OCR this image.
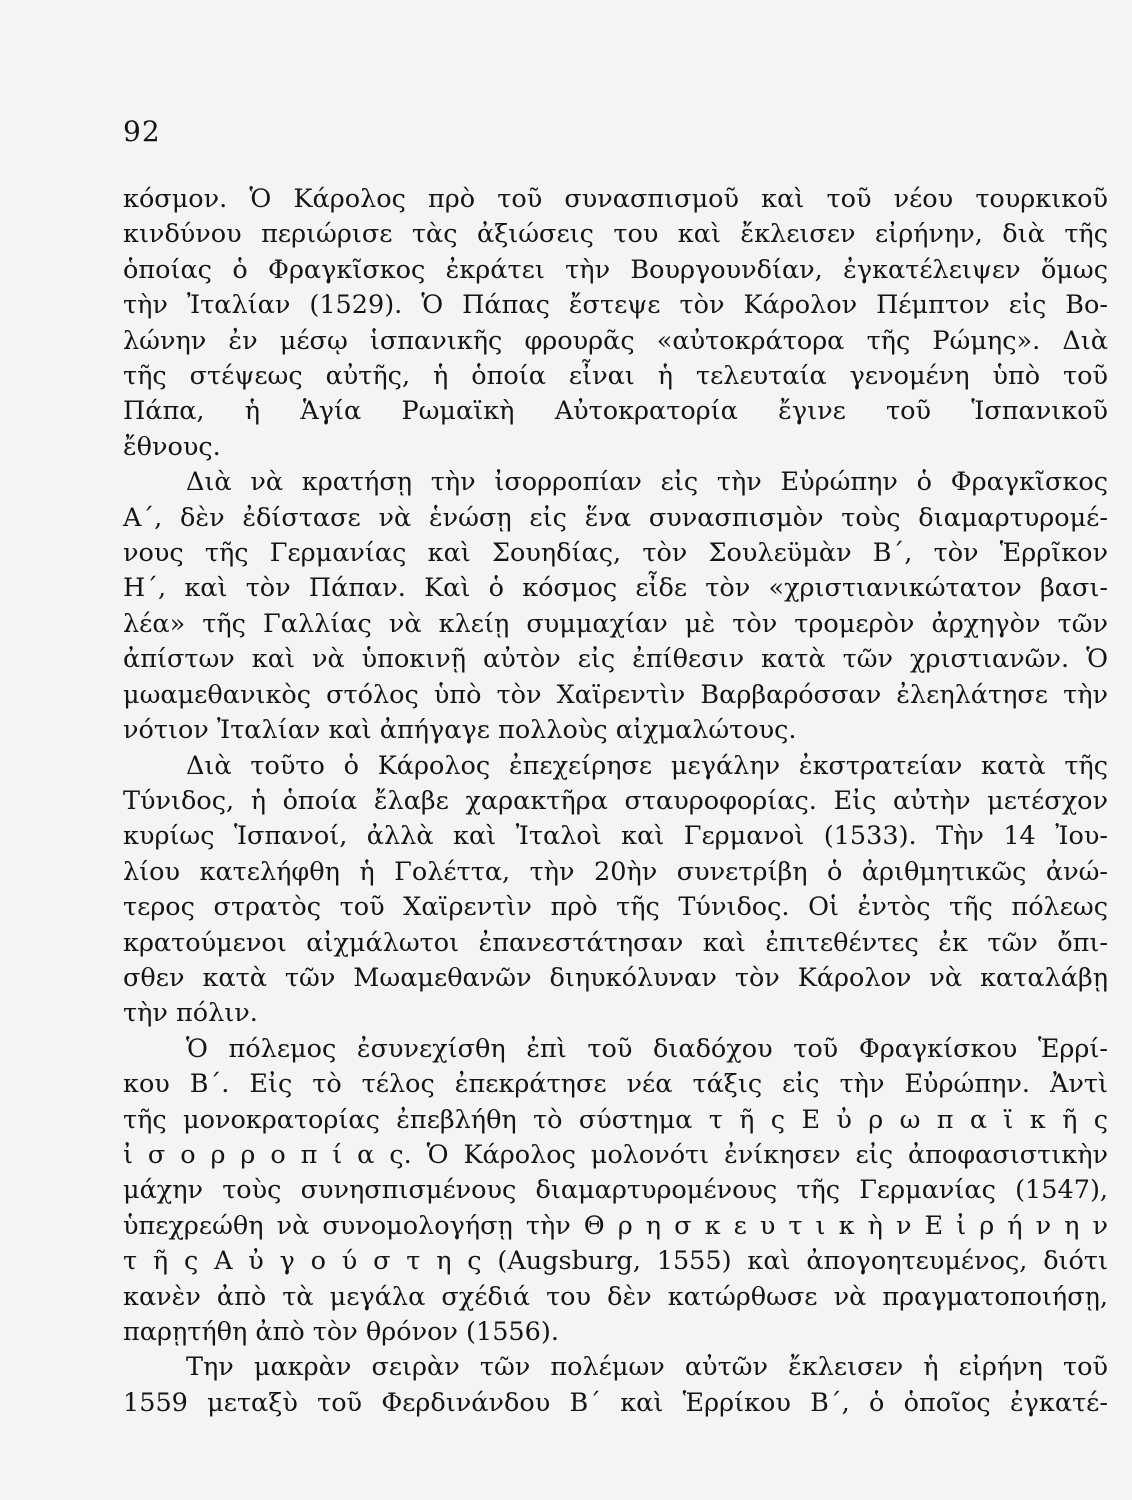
92
κόσμον. Ὁ Κάρολος πρὸ τοῦ συνασπισμοῦ καὶ τοῦ νέου τουρκικοῦ
κινδύνου περιώρισε τὰς ἀξιώσεις του καὶ ἔκλεισεν εἰρήνην, διὰ τῆς
ὁποίας ὁ Φραγκῖσκος ἐκράτει τὴν Βουργουνδίαν, ἐγκατέλειψεν ὅμως
τὴν Ἰταλίαν (1529). Ὁ Πάπας ἔστεψε τὸν Κάρολον Πέμπτον εἰς Βο-
λώνην ἐν μέσῳ ἱσπανικῆς φρουρᾶς «αὐτοκράτορα τῆς Ρώμης». Διὰ
τῆς στέψεως αὐτῆς, ἡ ὁποία εἶναι ἡ τελευταία γενομένη ὑπὸ τοῦ
Πάπα, ἡ Ἁγία Ρωμαϊκὴ Αὐτοκρατορία ἔγινε τοῦ Ἱσπανικοῦ
ἔθνους.
Διὰ νὰ κρατήσῃ τὴν ἰσορροπίαν εἰς τὴν Εὐρώπην ὁ Φραγκῖσκος
Α΄, δὲν ἐδίστασε νὰ ἑνώσῃ εἰς ἕνα συνασπισμὸν τοὺς διαμαρτυρομέ-
νους τῆς Γερμανίας καὶ Σουηδίας, τὸν Σουλεϋμὰν Β΄, τὸν Ἑρρῖκον
Η΄, καὶ τὸν Πάπαν. Καὶ ὁ κόσμος εἶδε τὸν «χριστιανικώτατον βασι-
λέα» τῆς Γαλλίας νὰ κλείῃ συμμαχίαν μὲ τὸν τρομερὸν ἀρχηγὸν τῶν
ἀπίστων καὶ νὰ ὑποκινῇ αὐτὸν εἰς ἐπίθεσιν κατὰ τῶν χριστιανῶν. Ὁ
μωαμεθανικὸς στόλος ὑπὸ τὸν Χαϊρεντὶν Βαρβαρόσσαν ἐλεηλάτησε τὴν
νότιον Ἰταλίαν καὶ ἀπήγαγε πολλοὺς αἰχμαλώτους.
Διὰ τοῦτο ὁ Κάρολος ἐπεχείρησε μεγάλην ἐκστρατείαν κατὰ τῆς
Τύνιδος, ἡ ὁποία ἔλαβε χαρακτῆρα σταυροφορίας. Εἰς αὐτὴν μετέσχον
κυρίως Ἱσπανοί, ἀλλὰ καὶ Ἰταλοὶ καὶ Γερμανοὶ (1533). Τὴν 14 Ἰου-
λίου κατελήφθη ἡ Γολέττα, τὴν 20ὴν συνετρίβη ὁ ἀριθμητικῶς ἀνώ-
τερος στρατὸς τοῦ Χαϊρεντὶν πρὸ τῆς Τύνιδος. Οἱ ἐντὸς τῆς πόλεως
κρατούμενοι αἰχμάλωτοι ἐπανεστάτησαν καὶ ἐπιτεθέντες ἐκ τῶν ὄπι-
σθεν κατὰ τῶν Μωαμεθανῶν διηυκόλυναν τὸν Κάρολον νὰ καταλάβῃ
τὴν πόλιν.
Ὁ πόλεμος ἐσυνεχίσθη ἐπὶ τοῦ διαδόχου τοῦ Φραγκίσκου Ἑρρί-
κου Β΄. Εἰς τὸ τέλος ἐπεκράτησε νέα τάξις εἰς τὴν Εὐρώπην. Ἀντὶ
τῆς μονοκρατορίας ἐπεβλήθη τὸ σύστημα τ ῆ ς Ε ὐ ρ ω π α ϊ κ ῆ ς
ἰ σ ο ρ ρ ο π ί α ς. Ὁ Κάρολος μολονότι ἐνίκησεν εἰς ἀποφασιστικὴν
μάχην τοὺς συνησπισμένους διαμαρτυρομένους τῆς Γερμανίας (1547),
ὑπεχρεώθη νὰ συνομολογήσῃ τὴν Θ ρ η σ κ ε υ τ ι κ ὴ ν Ε ἰ ρ ή ν η ν
τ ῆ ς Α ὐ γ ο ύ σ τ η ς (Augsburg, 1555) καὶ ἀπογοητευμένος, διότι
κανὲν ἀπὸ τὰ μεγάλα σχέδιά του δὲν κατώρθωσε νὰ πραγματοποιήσῃ,
παρῃτήθη ἀπὸ τὸν θρόνον (1556).
Την μακρὰν σειρὰν τῶν πολέμων αὐτῶν ἔκλεισεν ἡ εἰρήνη τοῦ
1559 μεταξὺ τοῦ Φερδινάνδου Β΄ καὶ Ἑρρίκου Β΄, ὁ ὁποῖος ἐγκατέ-
